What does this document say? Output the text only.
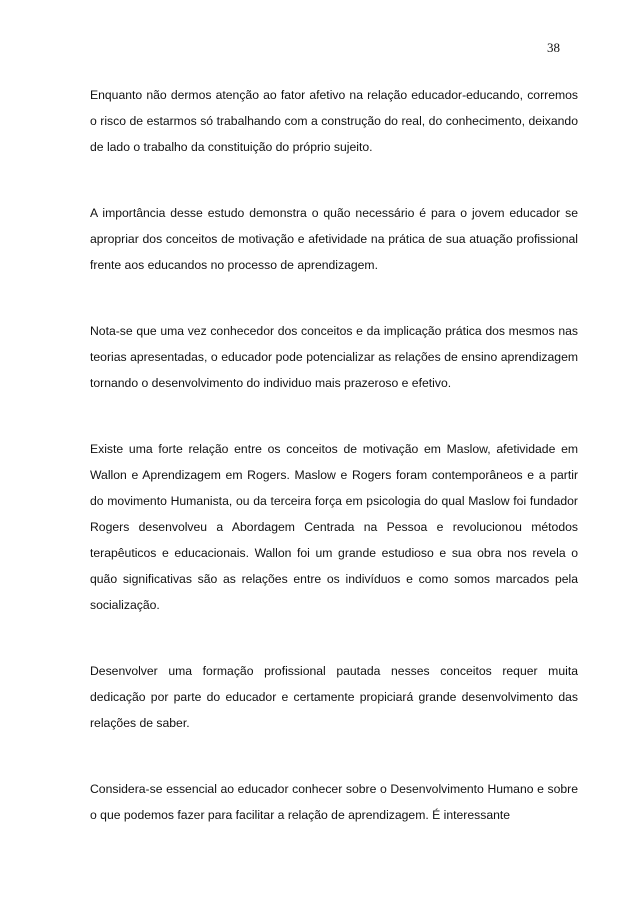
38

Enquanto não dermos atenção ao fator afetivo na relação educador-educando, corremos o risco de estarmos só trabalhando com a construção do real, do conhecimento, deixando de lado o trabalho da constituição do próprio sujeito.

A importância desse estudo demonstra o quão necessário é para o jovem educador se apropriar dos conceitos de motivação e afetividade na prática de sua atuação profissional frente aos educandos no processo de aprendizagem.

Nota-se que uma vez conhecedor dos conceitos e da implicação prática dos mesmos nas teorias apresentadas, o educador pode potencializar as relações de ensino aprendizagem tornando o desenvolvimento do individuo mais prazeroso e efetivo.

Existe uma forte relação entre os conceitos de motivação em Maslow, afetividade em Wallon e Aprendizagem em Rogers. Maslow e Rogers foram contemporâneos e a partir do movimento Humanista, ou da terceira força em psicologia do qual Maslow foi fundador Rogers desenvolveu a Abordagem Centrada na Pessoa e revolucionou métodos terapêuticos e educacionais. Wallon foi um grande estudioso e sua obra nos revela o quão significativas são as relações entre os indivíduos e como somos marcados pela socialização.

Desenvolver uma formação profissional pautada nesses conceitos requer muita dedicação por parte do educador e certamente propiciará grande desenvolvimento das relações de saber.

Considera-se essencial ao educador conhecer sobre o Desenvolvimento Humano e sobre o que podemos fazer para facilitar a relação de aprendizagem. É interessante
